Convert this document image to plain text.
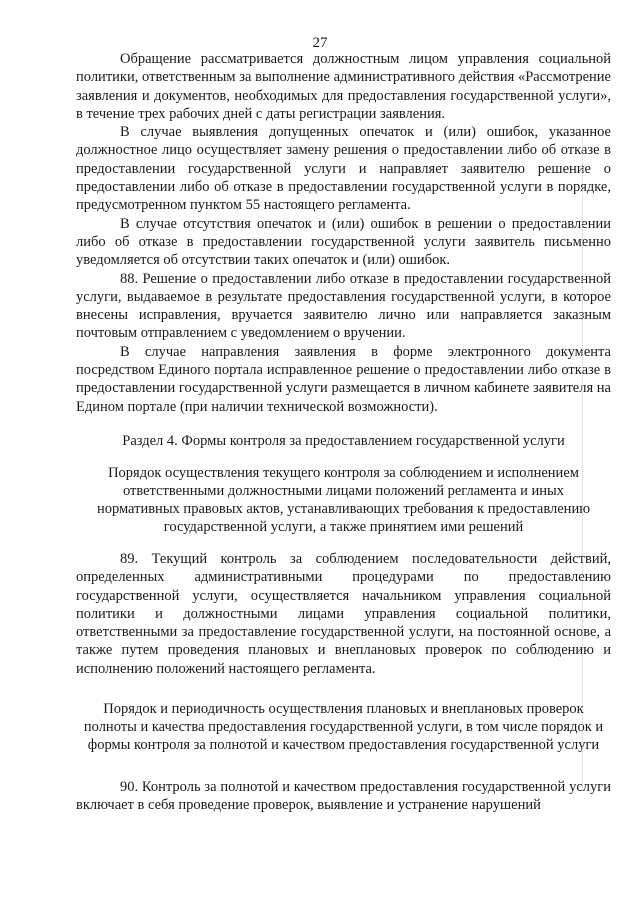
27

Обращение рассматривается должностным лицом управления социальной политики, ответственным за выполнение административного действия «Рассмотрение заявления и документов, необходимых для предоставления государственной услуги», в течение трех рабочих дней с даты регистрации заявления.

В случае выявления допущенных опечаток и (или) ошибок, указанное должностное лицо осуществляет замену решения о предоставлении либо об отказе в предоставлении государственной услуги и направляет заявителю решение о предоставлении либо об отказе в предоставлении государственной услуги в порядке, предусмотренном пунктом 55 настоящего регламента.

В случае отсутствия опечаток и (или) ошибок в решении о предоставлении либо об отказе в предоставлении государственной услуги заявитель письменно уведомляется об отсутствии таких опечаток и (или) ошибок.

88. Решение о предоставлении либо отказе в предоставлении государственной услуги, выдаваемое в результате предоставления государственной услуги, в которое внесены исправления, вручается заявителю лично или направляется заказным почтовым отправлением с уведомлением о вручении.

В случае направления заявления в форме электронного документа посредством Единого портала исправленное решение о предоставлении либо отказе в предоставлении государственной услуги размещается в личном кабинете заявителя на Едином портале (при наличии технической возможности).

Раздел 4. Формы контроля за предоставлением государственной услуги
Порядок осуществления текущего контроля за соблюдением и исполнением ответственными должностными лицами положений регламента и иных нормативных правовых актов, устанавливающих требования к предоставлению государственной услуги, а также принятием ими решений

89. Текущий контроль за соблюдением последовательности действий, определенных административными процедурами по предоставлению государственной услуги, осуществляется начальником управления социальной политики и должностными лицами управления социальной политики, ответственными за предоставление государственной услуги, на постоянной основе, а также путем проведения плановых и внеплановых проверок по соблюдению и исполнению положений настоящего регламента.

Порядок и периодичность осуществления плановых и внеплановых проверок полноты и качества предоставления государственной услуги, в том числе порядок и формы контроля за полнотой и качеством предоставления государственной услуги

90. Контроль за полнотой и качеством предоставления государственной услуги включает в себя проведение проверок, выявление и устранение нарушений
